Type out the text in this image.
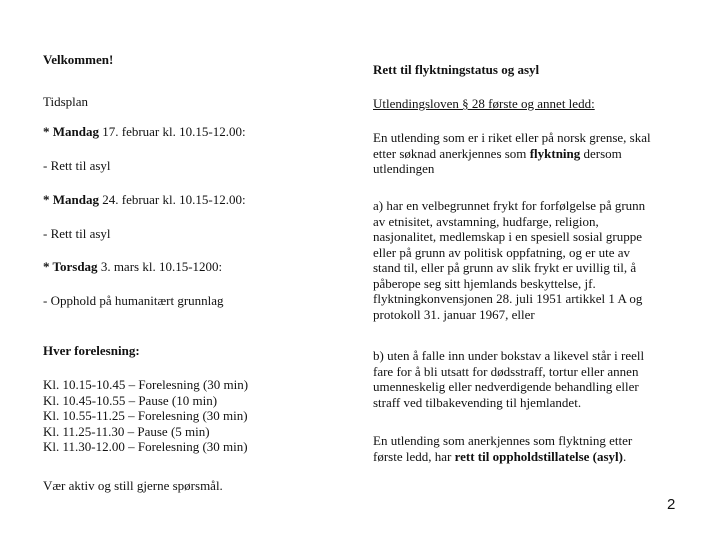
Velkommen!
Tidsplan
* Mandag 17. februar kl. 10.15-12.00:
- Rett til asyl
* Mandag 24. februar kl. 10.15-12.00:
- Rett til asyl
* Torsdag 3. mars kl. 10.15-1200:
- Opphold på humanitært grunnlag
Hver forelesning:
Kl. 10.15-10.45 – Forelesning (30 min)
Kl. 10.45-10.55 – Pause (10 min)
Kl. 10.55-11.25 – Forelesning (30 min)
Kl. 11.25-11.30 – Pause (5 min)
Kl. 11.30-12.00 – Forelesning (30 min)
Vær aktiv og still gjerne spørsmål.
Rett til flyktningstatus og asyl
Utlendingsloven § 28 første og annet ledd:
En utlending som er i riket eller på norsk grense, skal etter søknad anerkjennes som flyktning dersom utlendingen
a) har en velbegrunnet frykt for forfølgelse på grunn
av etnisitet, avstamning, hudfarge, religion,
nasjonalitet, medlemskap i en spesiell sosial gruppe
eller på grunn av politisk oppfatning, og er ute av
stand til, eller på grunn av slik frykt er uvillig til, å
påberope seg sitt hjemlands beskyttelse, jf.
flyktningkonvensjonen 28. juli 1951 artikkel 1 A og
protokoll 31. januar 1967, eller
b) uten å falle inn under bokstav a likevel står i reell
fare for å bli utsatt for dødsstraff, tortur eller annen
umenneskelig eller nedverdigende behandling eller
straff ved tilbakevending til hjemlandet.
En utlending som anerkjennes som flyktning etter
første ledd, har rett til oppholdstillatelse (asyl).
2
